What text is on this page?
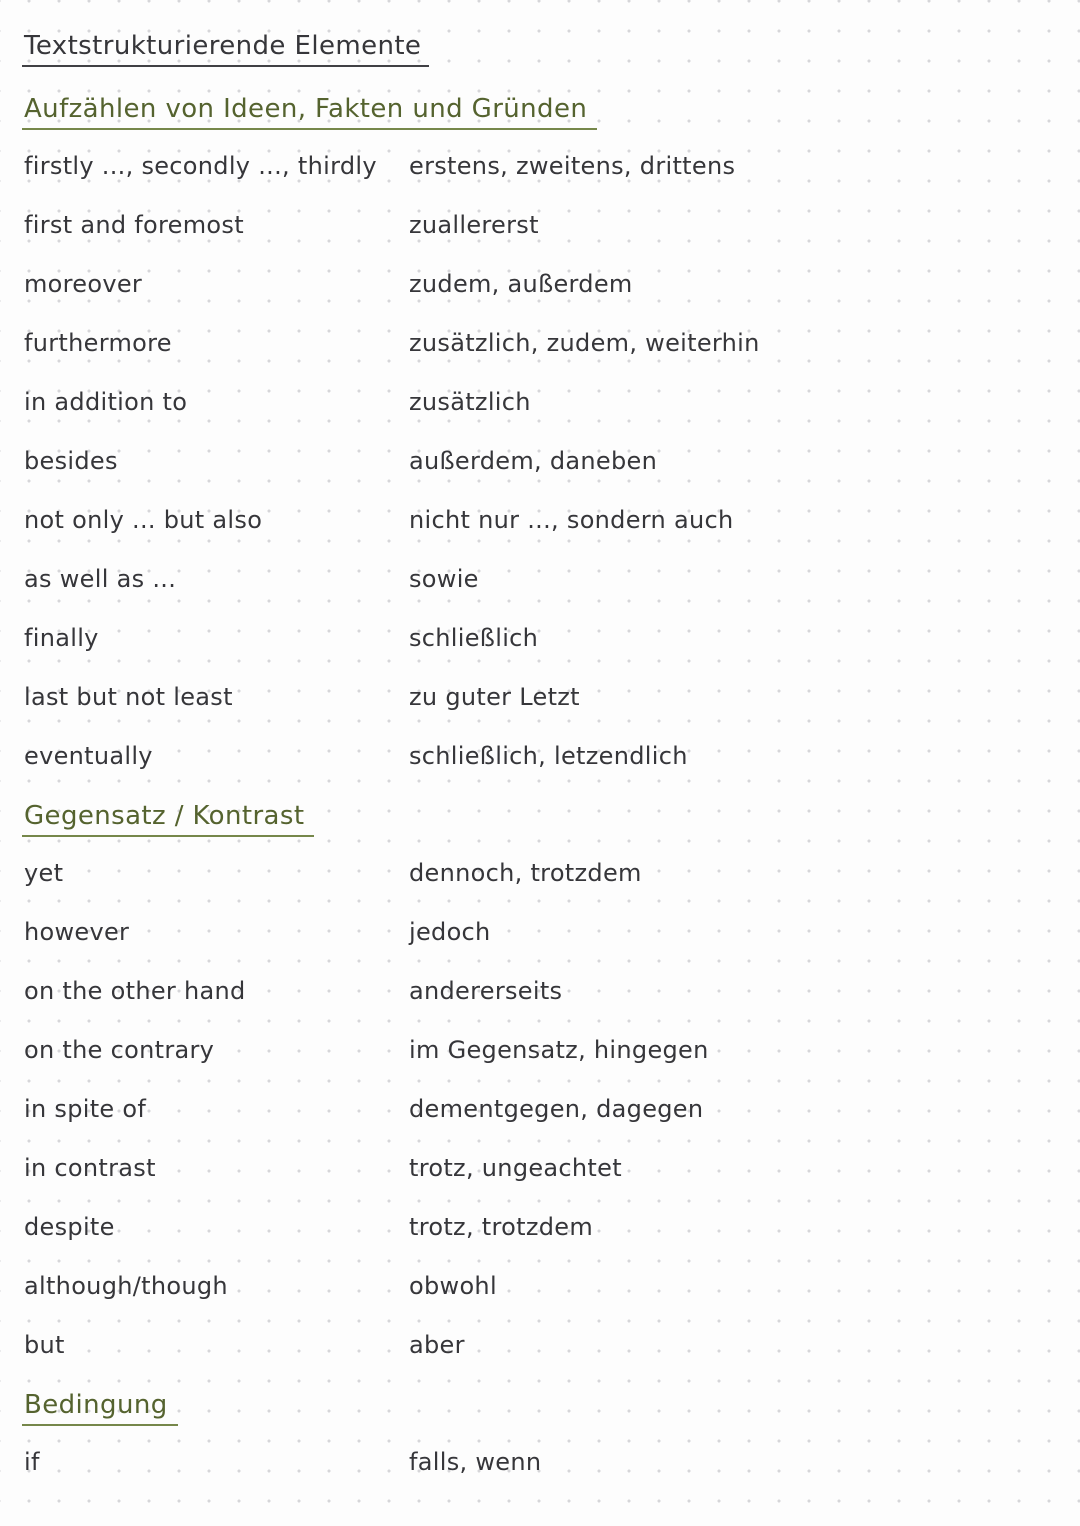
Textstrukturierende Elemente
Aufzählen von Ideen, Fakten und Gründen
firstly ..., secondly ..., thirdly	erstens, zweitens, drittens
first and foremost	zuallererst
moreover	zudem, außerdem
furthermore	zusätzlich, zudem, weiterhin
in addition to	zusätzlich
besides	außerdem, daneben
not only ... but also	nicht nur ..., sondern auch
as well as ...	sowie
finally	schließlich
last but not least	zu guter Letzt
eventually	schließlich, letzendlich
Gegensatz / Kontrast
yet	dennoch, trotzdem
however	jedoch
on the other hand	andererseits
on the contrary	im Gegensatz, hingegen
in spite of	dementgegen, dagegen
in contrast	trotz, ungeachtet
despite	trotz, trotzdem
although/though	obwohl
but	aber
Bedingung
if	falls, wenn
